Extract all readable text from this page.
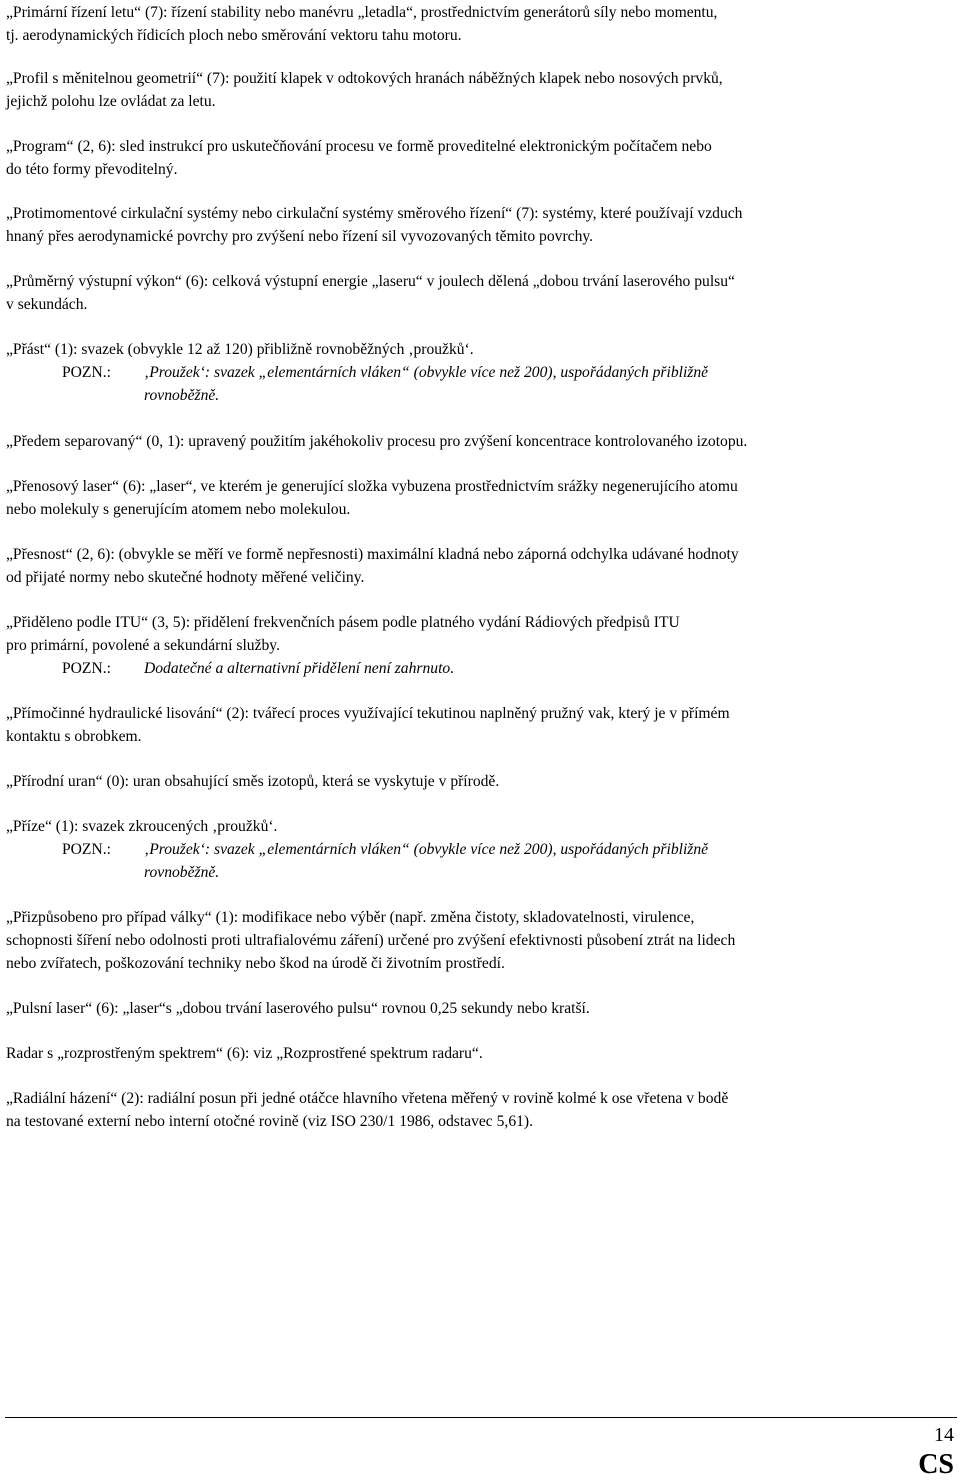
„Primární řízení letu“ (7): řízení stability nebo manévru „letadla“, prostřednictvím generátorů síly nebo momentu,

tj. aerodynamických řídicích ploch nebo směrování vektoru tahu motoru.

„Profil s měnitelnou geometrií“ (7): použití klapek v odtokových hranách náběžných klapek nebo nosových prvků,

jejichž polohu lze ovládat za letu.

„Program“ (2, 6): sled instrukcí pro uskutečňování procesu ve formě proveditelné elektronickým počítačem nebo

do této formy převoditelný.

„Protimomentové cirkulační systémy nebo cirkulační systémy směrového řízení“ (7): systémy, které používají vzduch

hnaný přes aerodynamické povrchy pro zvýšení nebo řízení sil vyvozovaných těmito povrchy.

„Průměrný výstupní výkon“ (6): celková výstupní energie „laseru“ v joulech dělená „dobou trvání laserového pulsu“

v sekundách.

„Přást“ (1): svazek (obvykle 12 až 120) přibližně rovnoběžných ‚proužků‘.

POZN.:	‚Proužek‘: svazek „elementárních vláken“ (obvykle více než 200), uspořádaných přibližně

rovnoběžně.

„Předem separovaný“ (0, 1): upravený použitím jakéhokoliv procesu pro zvýšení koncentrace kontrolovaného izotopu.

„Přenosový laser“ (6): „laser“, ve kterém je generující složka vybuzena prostřednictvím srážky negenerujícího atomu

nebo molekuly s generujícím atomem nebo molekulou.

„Přesnost“ (2, 6): (obvykle se měří ve formě nepřesnosti) maximální kladná nebo záporná odchylka udávané hodnoty

od přijaté normy nebo skutečné hodnoty měřené veličiny.

„Přiděleno podle ITU“ (3, 5): přidělení frekvenčních pásem podle platného vydání Rádiových předpisů ITU

pro primární, povolené a sekundární služby.

POZN.:	Dodatečné a alternativní přidělení není zahrnuto.

„Přímočinné hydraulické lisování“ (2): tvářecí proces využívající tekutinou naplněný pružný vak, který je v přímém

kontaktu s obrobkem.

„Přírodní uran“ (0): uran obsahující směs izotopů, která se vyskytuje v přírodě.

„Příze“ (1): svazek zkroucených ‚proužků‘.

POZN.:	‚Proužek‘: svazek „elementárních vláken“ (obvykle více než 200), uspořádaných přibližně

rovnoběžně.

„Přizpůsobeno pro případ války“ (1): modifikace nebo výběr (např. změna čistoty, skladovatelnosti, virulence,

schopnosti šíření nebo odolnosti proti ultrafialovému záření) určené pro zvýšení efektivnosti působení ztrát na lidech

nebo zvířatech, poškozování techniky nebo škod na úrodě či životním prostředí.

„Pulsní laser“ (6): „laser“s „dobou trvání laserového pulsu“ rovnou 0,25 sekundy nebo kratší.

Radar s „rozprostřeným spektrem“ (6): viz „Rozprostřené spektrum radaru“.

„Radiální házení“ (2): radiální posun při jedné otáčce hlavního vřetena měřený v rovině kolmé k ose vřetena v bodě

na testované externí nebo interní otočné rovině (viz ISO 230/1 1986, odstavec 5,61).

14
CS
